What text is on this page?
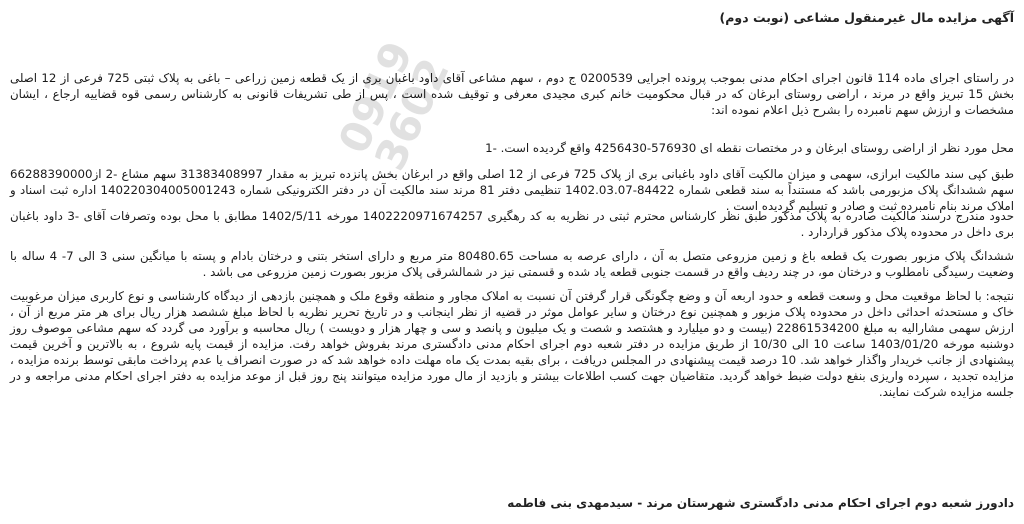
0919 3602
آگهی مزایده مال غیرمنقول مشاعی (نوبت دوم)
در راستای اجرای ماده 114 قانون اجرای احکام مدنی بموجب پرونده اجرایی 0200539 ج دوم ، سهم مشاعی آقای داود باغبان بری از یک قطعه زمین زراعی – باغی به پلاک ثبتی 725 فرعی از 12 اصلی بخش 15 تبریز واقع در مرند ، اراضی روستای ابرغان که در قبال محکومیت خانم کبری مجیدی معرفی و توقیف شده است ، پس از طی تشریفات قانونی به کارشناس رسمی قوه قضاییه ارجاع ، ایشان مشخصات و ارزش سهم نامبرده را بشرح ذیل اعلام نموده اند:
محل مورد نظر از اراضی روستای ابرغان و در مختصات نقطه ای 576930-4256430 واقع گردیده است. -1
طبق کپی سند مالکیت ابرازی، سهمی و میزان مالکیت آقای داود باغبانی بری از پلاک 725 فرعی از 12 اصلی واقع در ابرغان بخش پانزده تبریز به مقدار 31383408997 سهم مشاع -2 از66288390000 سهم ششدانگ پلاک مزبورمی باشد که مستنداً به سند قطعی شماره 84422-1402.03.07 تنظیمی دفتر 81 مرند سند مالکیت آن در دفتر الکترونیکی شماره 140220304005001243 اداره ثبت اسناد و املاک مرند بنام نامبرده ثبت و صادر و تسلیم گردیده است .
حدود مندرج درسند مالکیت صادره به پلاک مذکور طبق نظر کارشناس محترم ثبتی در نظریه به کد رهگیری 1402220971674257 مورخه 1402/5/11 مطابق با محل بوده وتصرفات آقای -3 داود باغبان بری داخل در محدوده پلاک مذکور قراردارد .
ششدانگ پلاک مزبور بصورت یک قطعه باغ و زمین مزروعی متصل به آن ، دارای عرصه به مساحت 80480.65 متر مربع و دارای استخر بتنی و درختان بادام و پسته با میانگین سنی 3 الی 7- 4 ساله با وضعیت رسیدگی نامطلوب و درختان مو، در چند ردیف واقع در قسمت جنوبی قطعه یاد شده و قسمتی نیز در شمالشرقی پلاک مزبور بصورت زمین مزروعی می باشد .
نتیجه: با لحاظ موقعیت محل و وسعت قطعه و حدود اربعه آن و وضع چگونگی قرار گرفتن آن نسبت به املاک مجاور و منطقه وقوع ملک و همچنین بازدهی از دیدگاه کارشناسی و نوع کاربری میزان مرغوبیت خاک و مستحدثه احداثی داخل در محدوده پلاک مزبور و همچنین نوع درختان و سایر عوامل موثر در قضیه از نظر اینجانب و در تاریخ تحریر نظریه با لحاظ مبلغ ششصد هزار ریال برای هر متر مربع از آن ، ارزش سهمی مشارالیه به مبلغ 22861534200 (بیست و دو میلیارد و هشتصد و شصت و یک میلیون و پانصد و سی و چهار هزار و دویست ) ریال محاسبه و برآورد می گردد که سهم مشاعی موصوف روز دوشنبه مورخه 1403/01/20 ساعت 10 الی 10/30 از طریق مزایده در دفتر شعبه دوم اجرای احکام مدنی دادگستری مرند بفروش خواهد رفت. مزایده از قیمت پایه شروع ، به بالاترین و آخرین قیمت پیشنهادی از جانب خریدار واگذار خواهد شد. 10 درصد قیمت پیشنهادی در المجلس دریافت ، برای بقیه بمدت یک ماه مهلت داده خواهد شد که در صورت انصراف یا عدم پرداخت مابقی توسط برنده مزایده ، مزایده تجدید ، سپرده واریزی بنفع دولت ضبط خواهد گردید. متقاضیان جهت کسب اطلاعات بیشتر و بازدید از مال مورد مزایده میتوانند پنج روز قبل از موعد مزایده به دفتر اجرای احکام مدنی مراجعه و در جلسه مزایده شرکت نمایند.
دادورز شعبه دوم اجرای احکام مدنی دادگستری شهرستان مرند - سیدمهدی بنی فاطمه
